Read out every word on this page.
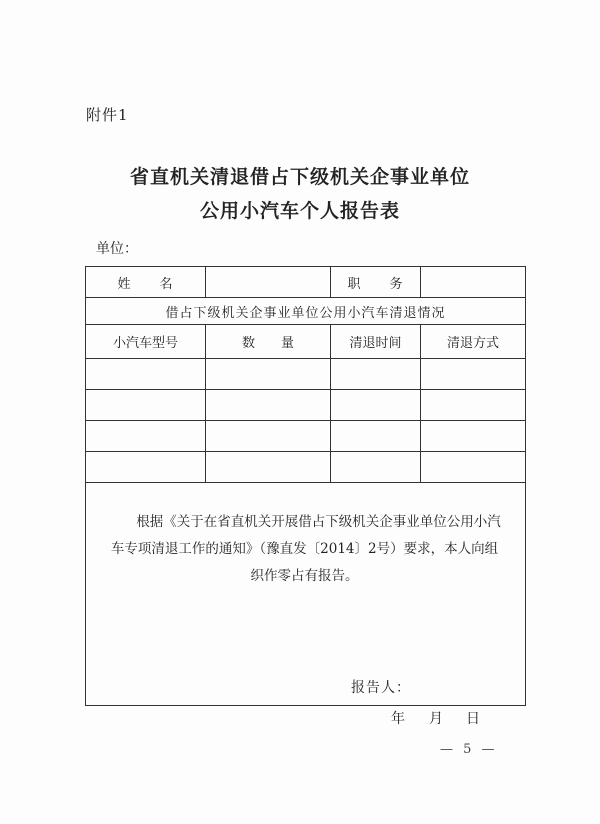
附件1
省直机关清退借占下级机关企事业单位
公用小汽车个人报告表
单位：
姓　　名		职　　务	
借占下级机关企事业单位公用小汽车清退情况			
小汽车型号	数　　量	清退时间	清退方式

根据《关于在省直机关开展借占下级机关企事业单位公用小汽车专项清退工作的通知》（豫直发〔2014〕2号）要求，本人向组织作零占有报告。
报告人：
年 月 日			
— 5 —
